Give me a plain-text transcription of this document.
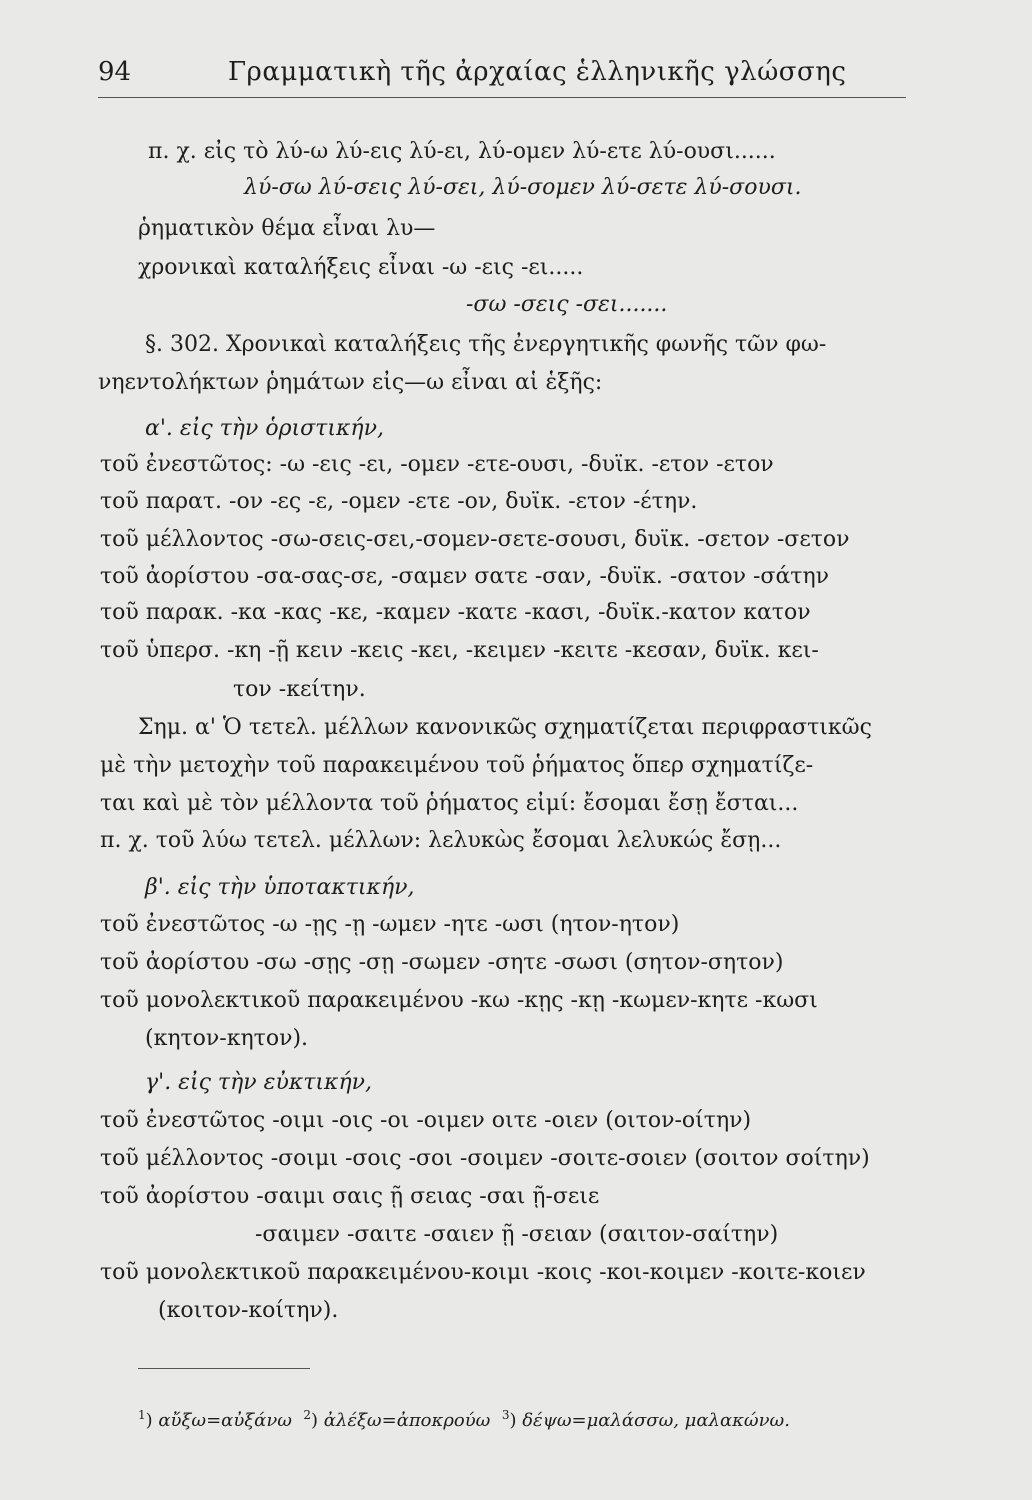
94	Γραμματικὴ τῆς ἀρχαίας ἑλληνικῆς γλώσσης
π. χ. εἰς τὸ λύ-ω λύ-εις λύ-ει, λύ-ομεν λύ-ετε λύ-ουσι......
λύ-σω λύ-σεις λύ-σει, λύ-σομεν λύ-σετε λύ-σουσι.
ῥηματικὸν θέμα εἶναι λυ—
χρονικαὶ καταλήξεις εἶναι -ω -εις -ει.....
-σω -σεις -σει.......
§. 302. Χρονικαὶ καταλήξεις τῆς ἐνεργητικῆς φωνῆς τῶν φω-
νηεντολήκτων ῥημάτων εἰς—ω εἶναι αἱ ἑξῆς:
α'. εἰς τὴν ὁριστικήν,
τοῦ ἐνεστῶτος: -ω -εις -ει, -ομεν -ετε-ουσι, -δυϊκ. -ετον -ετον
τοῦ παρατ. -ον -ες -ε, -ομεν -ετε -ον, δυϊκ. -ετον -έτην.
τοῦ μέλλοντος -σω-σεις-σει,-σομεν-σετε-σουσι, δυϊκ. -σετον -σετον
τοῦ ἀορίστου -σα-σας-σε, -σαμεν σατε -σαν, -δυϊκ. -σατον -σάτην
τοῦ παρακ. -κα -κας -κε, -καμεν -κατε -κασι, -δυϊκ.-κατον κατον
τοῦ ὑπερσ. -κη -ῇ κειν -κεις -κει, -κειμεν -κειτε -κεσαν, δυϊκ. κει-
τον -κείτην.
Σημ. α' Ὁ τετελ. μέλλων κανονικῶς σχηματίζεται περιφραστικῶς
μὲ τὴν μετοχὴν τοῦ παρακειμένου τοῦ ῥήματος ὅπερ σχηματίζε-
ται καὶ μὲ τὸν μέλλοντα τοῦ ῥήματος εἰμί: ἔσομαι ἔσῃ ἔσται...
π. χ. τοῦ λύω τετελ. μέλλων: λελυκὼς ἔσομαι λελυκώς ἔσῃ...
β'. εἰς τὴν ὑποτακτικήν,
τοῦ ἐνεστῶτος -ω -ῃς -ῃ -ωμεν -ητε -ωσι (ητον-ητον)
τοῦ ἀορίστου -σω -σῃς -σῃ -σωμεν -σητε -σωσι (σητον-σητον)
τοῦ μονολεκτικοῦ παρακειμένου -κω -κῃς -κῃ -κωμεν-κητε -κωσι
(κητον-κητον).
γ'. εἰς τὴν εὐκτικήν,
τοῦ ἐνεστῶτος -οιμι -οις -οι -οιμεν οιτε -οιεν (οιτον-οίτην)
τοῦ μέλλοντος -σοιμι -σοις -σοι -σοιμεν -σοιτε-σοιεν (σοιτον σοίτην)
τοῦ ἀορίστου -σαιμι σαις ῇ σειας -σαι ῇ-σειε
-σαιμεν -σαιτε -σαιεν ῇ -σειαν (σαιτον-σαίτην)
τοῦ μονολεκτικοῦ παρακειμένου-κοιμι -κοις -κοι-κοιμεν -κοιτε-κοιεν
(κοιτον-κοίτην).
$^1$) αὔξω=αὐξάνω $^2$) ἀλέξω=ἀποκρούω $^3$) δέψω=μαλάσσω, μαλακώνω.
